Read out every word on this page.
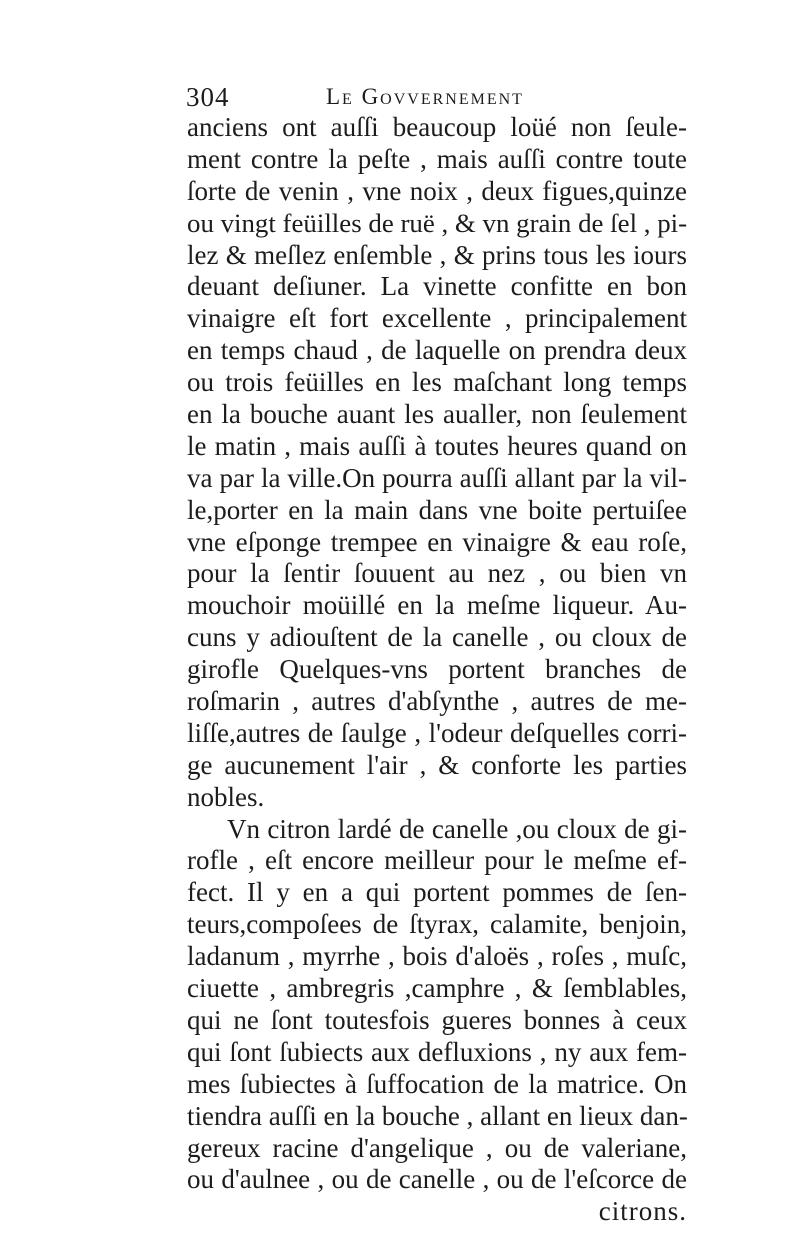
304	Le Govvernement
anciens ont auſſi beaucoup loüé non ſeule-
ment contre la peſte , mais auſſi contre toute
ſorte de venin , vne noix , deux figues,quinze
ou vingt feüilles de ruë , & vn grain de ſel , pi-
lez & meſlez enſemble , & prins tous les iours
deuant deſiuner. La vinette confitte en bon
vinaigre eſt fort excellente , principalement
en temps chaud , de laquelle on prendra deux
ou trois feüilles en les maſchant long temps
en la bouche auant les aualler, non ſeulement
le matin , mais auſſi à toutes heures quand on
va par la ville.On pourra auſſi allant par la vil-
le,porter en la main dans vne boite pertuiſee
vne eſponge trempee en vinaigre & eau roſe,
pour la ſentir ſouuent au nez , ou bien vn
mouchoir moüillé en la meſme liqueur. Au-
cuns y adiouſtent de la canelle , ou cloux de
girofle Quelques-vns portent branches de
roſmarin , autres d'abſynthe , autres de me-
liſſe,autres de ſaulge , l'odeur deſquelles corri-
ge aucunement l'air , & conforte les parties
nobles.
Vn citron lardé de canelle ,ou cloux de gi-
rofle , eſt encore meilleur pour le meſme ef-
fect. Il y en a qui portent pommes de ſen-
teurs,compoſees de ſtyrax, calamite, benjoin,
ladanum , myrrhe , bois d'aloës , roſes , muſc,
ciuette , ambregris ,camphre , & ſemblables,
qui ne ſont toutesfois gueres bonnes à ceux
qui ſont ſubiects aux defluxions , ny aux fem-
mes ſubiectes à ſuffocation de la matrice. On
tiendra auſſi en la bouche , allant en lieux dan-
gereux racine d'angelique , ou de valeriane,
ou d'aulnee , ou de canelle , ou de l'eſcorce de
citrons.
